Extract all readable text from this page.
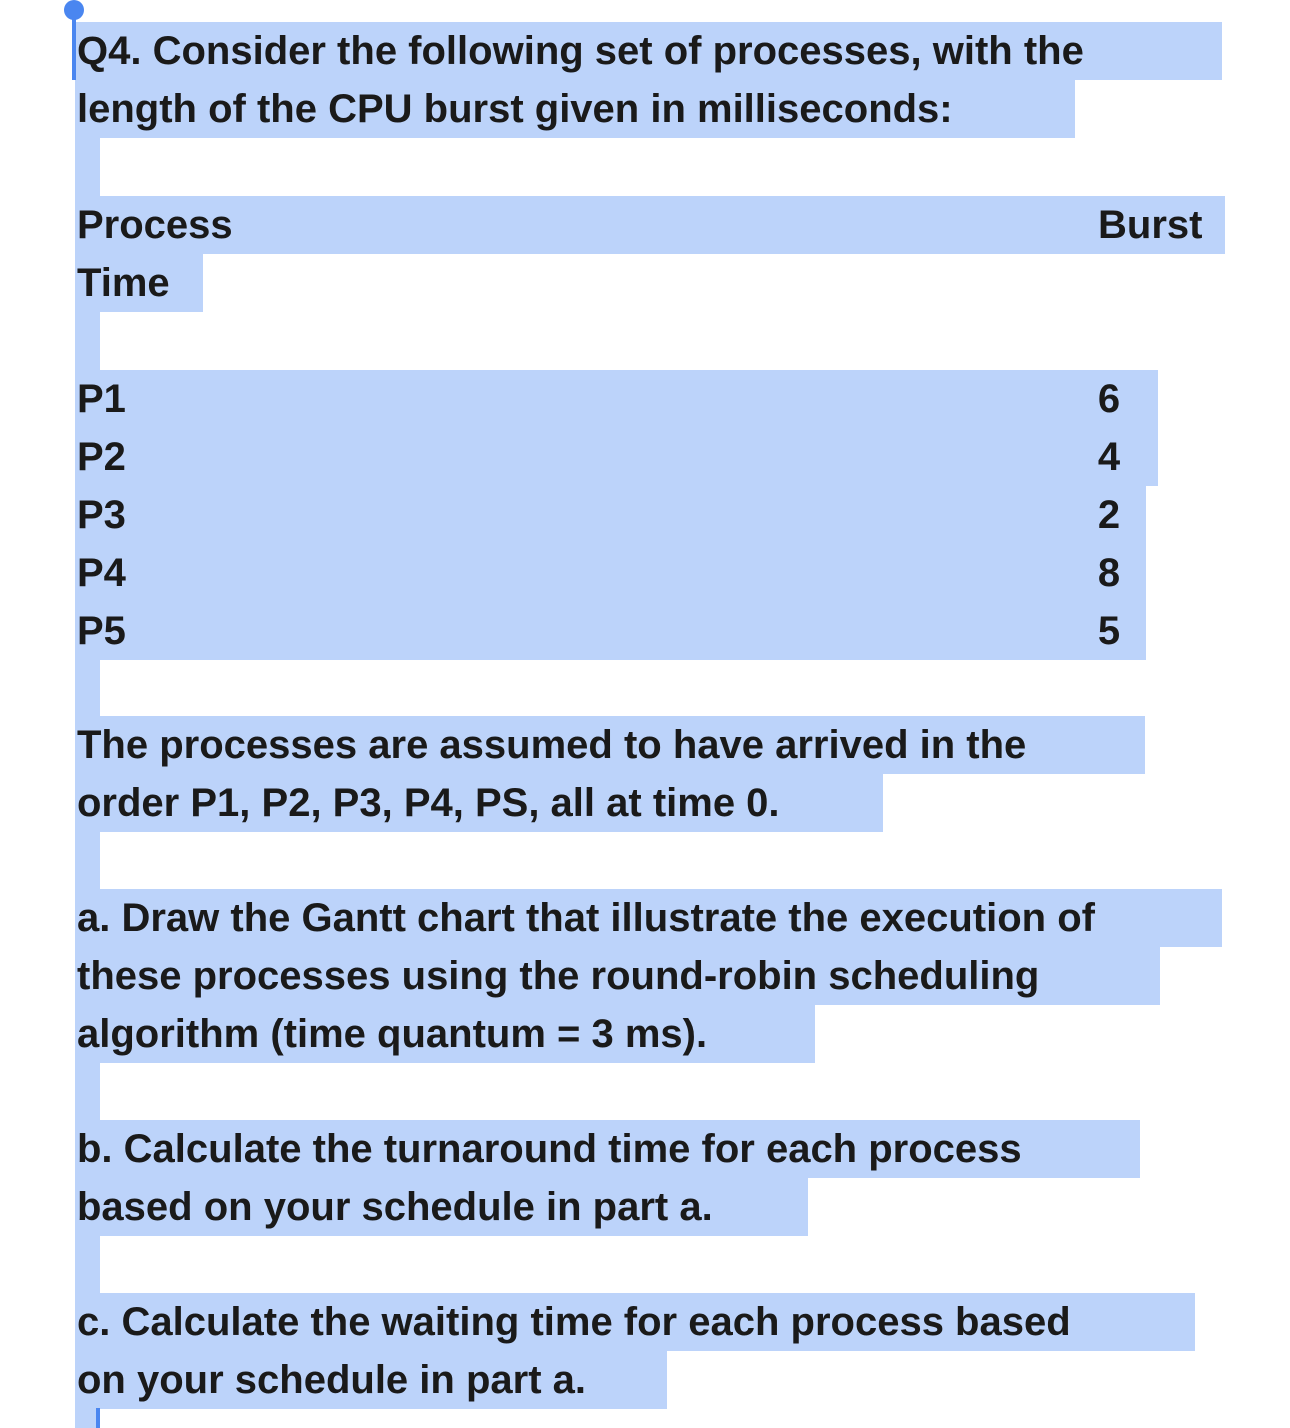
Q4. Consider the following set of processes, with the
length of the CPU burst given in milliseconds:
Process	Burst
Time
P1	6
P2	4
P3	2
P4	8
P5	5
The processes are assumed to have arrived in the
order P1, P2, P3, P4, PS, all at time 0.
a. Draw the Gantt chart that illustrate the execution of
these processes using the round-robin scheduling
algorithm (time quantum = 3 ms).
b. Calculate the turnaround time for each process
based on your schedule in part a.
c. Calculate the waiting time for each process based
on your schedule in part a.
